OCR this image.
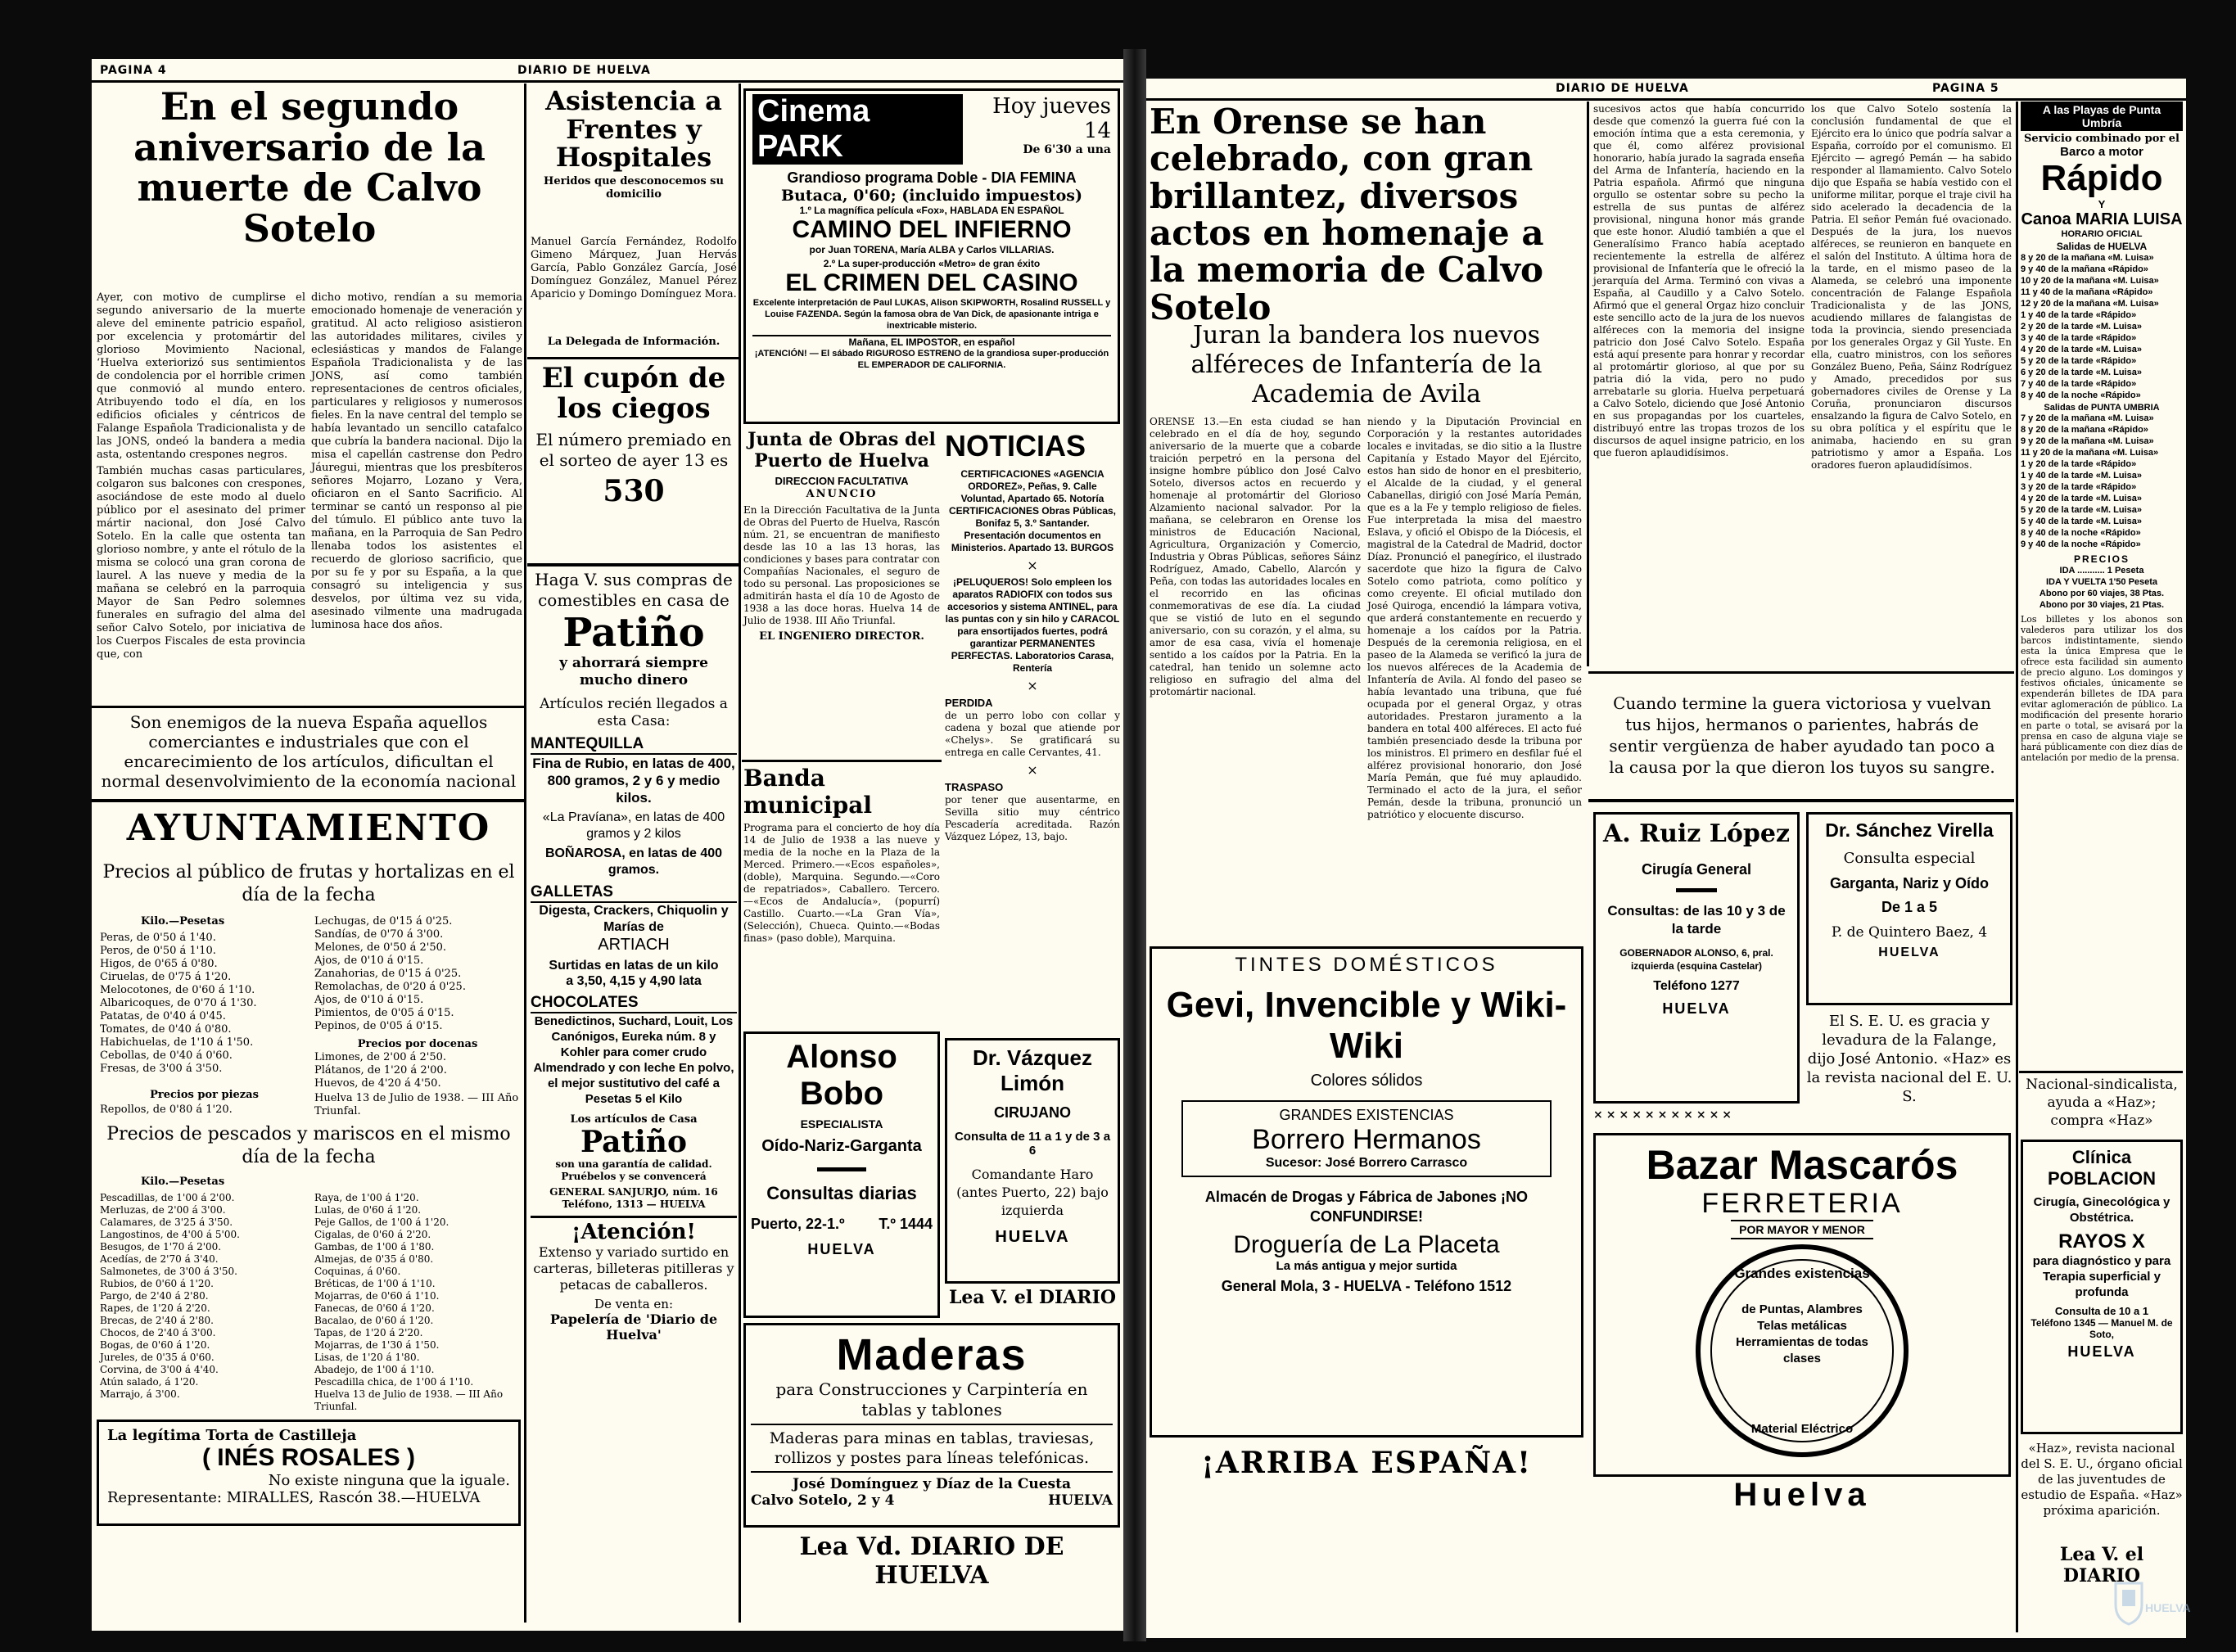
PAGINA 4	DIARIO DE HUELVA
En el segundo aniversario de la muerte de Calvo Sotelo

Ayer, con motivo de cumplirse el segundo aniversario de la muerte aleve del eminente patricio español, por excelencia y protomártir del glorioso Movimiento Nacional, ‘Huelva exteriorizó sus sentimientos de condolencia por el horrible crimen que conmovió al mundo entero. Atribuyendo todo el día, en los edificios oficiales y céntricos de Falange Española Tradicionalista y de las JONS, ondeó la bandera a media asta, ostentando crespones negros.

También muchas casas particulares, colgaron sus balcones con crespones, asociándose de este modo al duelo público por el asesinato del primer mártir nacional, don José Calvo Sotelo. En la calle que ostenta tan glorioso nombre, y ante el rótulo de la misma se colocó una gran corona de laurel. A las nueve y media de la mañana se celebró en la parroquia Mayor de San Pedro solemnes funerales en sufragio del alma del señor Calvo Sotelo, por iniciativa de los Cuerpos Fiscales de esta provincia que, con

dicho motivo, rendían a su memoria emocionado homenaje de veneración y gratitud. Al acto religioso asistieron las autoridades militares, civiles y eclesiásticas y mandos de Falange Española Tradicionalista y de las JONS, así como también representaciones de centros oficiales, particulares y religiosos y numerosos fieles. En la nave central del templo se había levantado un sencillo catafalco que cubría la bandera nacional. Dijo la misa el capellán castrense don Pedro Jáuregui, mientras que los presbíteros señores Mojarro, Lozano y Vera, oficiaron en el Santo Sacrificio. Al terminar se cantó un responso al pie del túmulo. El público ante tuvo la mañana, en la Parroquia de San Pedro llenaba todos los asistentes el recuerdo de glorioso sacrificio, que por su fe y por su España, a la que consagró su inteligencia y sus desvelos, por última vez su vida, asesinado vilmente una madrugada luminosa hace dos años.

Son enemigos de la nueva España aquellos comerciantes e industriales que con el encarecimiento de los artículos, dificultan el normal desenvolvimiento de la economía nacional
AYUNTAMIENTO
Precios al público de frutas y hortalizas en el día de la fecha
Kilo.—Pesetas
Peras, de 0'50 á 1'40.
Peros, de 0'50 á 1'10.
Higos, de 0'65 á 0'80.
Ciruelas, de 0'75 á 1'20.
Melocotones, de 0'60 á 1'10.
Albaricoques, de 0'70 á 1'30.
Patatas, de 0'40 á 0'45.
Tomates, de 0'40 á 0'80.
Habichuelas, de 1'10 á 1'50.
Cebollas, de 0'40 á 0'60.
Fresas, de 3'00 á 3'50.
Precios por piezas
Repollos, de 0'80 á 1'20.
Lechugas, de 0'15 á 0'25.
Sandías, de 0'70 á 3'00.
Melones, de 0'50 á 2'50.
Ajos, de 0'10 á 0'15.
Zanahorias, de 0'15 á 0'25.
Remolachas, de 0'20 á 0'25.
Ajos, de 0'10 á 0'15.
Pimientos, de 0'05 á 0'15.
Pepinos, de 0'05 á 0'15.
Precios por docenas
Limones, de 2'00 á 2'50.
Plátanos, de 1'20 á 2'00.
Huevos, de 4'20 á 4'50.
Huelva 13 de Julio de 1938. — III Año Triunfal.
Precios de pescados y mariscos en el mismo día de la fecha
Kilo.—Pesetas
Pescadillas, de 1'00 á 2'00.
Merluzas, de 2'00 á 3'00.
Calamares, de 3'25 á 3'50.
Langostinos, de 4'00 á 5'00.
Besugos, de 1'70 á 2'00.
Acedías, de 2'70 á 3'40.
Salmonetes, de 3'00 á 3'50.
Rubios, de 0'60 á 1'20.
Pargo, de 2'40 á 2'80.
Rapes, de 1'20 á 2'20.
Brecas, de 2'40 á 2'80.
Chocos, de 2'40 á 3'00.
Bogas, de 0'60 á 1'20.
Jureles, de 0'35 á 0'60.
Corvina, de 3'00 á 4'40.
Atún salado, á 1'20.
Marrajo, á 3'00.
Raya, de 1'00 á 1'20.
Lulas, de 0'60 á 1'20.
Peje Gallos, de 1'00 á 1'20.
Cigalas, de 0'60 á 2'20.
Gambas, de 1'00 á 1'80.
Almejas, de 0'35 á 0'80.
Coquinas, á 0'60.
Bréticas, de 1'00 á 1'10.
Mojarras, de 0'60 á 1'10.
Fanecas, de 0'60 á 1'20.
Bacalao, de 0'60 á 1'20.
Tapas, de 1'20 á 2'20.
Mojarras, de 1'30 á 1'50.
Lisas, de 1'20 á 1'80.
Abadejo, de 1'00 á 1'10.
Pescadilla chica, de 1'00 á 1'10.
Huelva 13 de Julio de 1938. — III Año Triunfal.
La legítima Torta de Castilleja
( INÉS ROSALES )
No existe ninguna que la iguale.
Representante: MIRALLES, Rascón 38.—HUELVA
Asistencia a Frentes y Hospitales
Heridos que desconocemos su domicilio
Manuel García Fernández, Rodolfo Gimeno Márquez, Juan Hervás García, Pablo González García, José Domínguez González, Manuel Pérez Aparicio y Domingo Domínguez Mora.
La Delegada de Información.
El cupón de los ciegos
El número premiado en el sorteo de ayer 13 es
530
Haga V. sus compras de comestibles en casa de
Patiño
y ahorrará siempre mucho dinero
Artículos recién llegados a esta Casa:
MANTEQUILLA
Fina de Rubio, en latas de 400, 800 gramos, 2 y 6 y medio kilos.
«La Pravíana», en latas de 400 gramos y 2 kilos
BOÑAROSA, en latas de 400 gramos.
GALLETAS
Digesta, Crackers, Chiquolin y Marías de
ARTIACH
Surtidas en latas de un kilo
a 3,50, 4,15 y 4,90 lata
CHOCOLATES
Benedictinos, Suchard, Louit, Los Canónigos, Eureka núm. 8 y Kohler para comer crudo Almendrado y con leche En polvo, el mejor sustitutivo del café a Pesetas 5 el Kilo
Los artículos de Casa
Patiño
son una garantía de calidad. Pruébelos y se convencerá
GENERAL SANJURJO, núm. 16 Teléfono, 1313 — HUELVA
¡Atención!
Extenso y variado surtido en carteras, billeteras pitilleras y petacas de caballeros.
De venta en:
Papelería de 'Diario de Huelva'
Cinema PARK
Hoy jueves 14
De 6'30 a una
Grandioso programa Doble - DIA FEMINA
Butaca, 0'60; (incluido impuestos)
1.º La magnífica película «Fox», HABLADA EN ESPAÑOL
CAMINO DEL INFIERNO
por Juan TORENA, María ALBA y Carlos VILLARIAS.
2.º La super-producción «Metro» de gran éxito
EL CRIMEN DEL CASINO
Excelente interpretación de Paul LUKAS, Alison SKIPWORTH, Rosalind RUSSELL y Louise FAZENDA. Según la famosa obra de Van Dick, de apasionante intriga e inextricable misterio.
Mañana, EL IMPOSTOR, en español
¡ATENCIÓN! — El sábado RIGUROSO ESTRENO de la grandiosa super-producción EL EMPERADOR DE CALIFORNIA.
Junta de Obras del Puerto de Huelva
DIRECCION FACULTATIVA
ANUNCIO
En la Dirección Facultativa de la Junta de Obras del Puerto de Huelva, Rascón núm. 21, se encuentran de manifiesto desde las 10 a las 13 horas, las condiciones y bases para contratar con Compañías Nacionales, el seguro de todo su personal. Las proposiciones se admitirán hasta el día 10 de Agosto de 1938 a las doce horas. Huelva 14 de Julio de 1938. III Año Triunfal.
EL INGENIERO DIRECTOR.
Banda municipal
Programa para el concierto de hoy día 14 de Julio de 1938 a las nueve y media de la noche en la Plaza de la Merced. Primero.—«Ecos españoles», (doble), Marquina. Segundo.—«Coro de repatriados», Caballero. Tercero.—«Ecos de Andalucía», (popurrí) Castillo. Cuarto.—«La Gran Vía», (Selección), Chueca. Quinto.—«Bodas finas» (paso doble), Marquina.
Alonso Bobo
ESPECIALISTA
Oído-Nariz-Garganta
Consultas diarias
Puerto, 22-1.º T.º 1444
HUELVA
NOTICIAS
CERTIFICACIONES «AGENCIA ORDOREZ», Peñas, 9. Calle Voluntad, Apartado 65. Notoría CERTIFICACIONES Obras Públicas, Bonifaz 5, 3.º Santander. Presentación documentos en Ministerios. Apartado 13. BURGOS
×
¡PELUQUEROS! Solo empleen los aparatos RADIOFIX con todos sus accesorios y sistema ANTINEL, para las puntas con y sin hilo y CARACOL para ensortijados fuertes, podrá garantizar PERMANENTES PERFECTAS. Laboratorios Carasa, Rentería
×
PERDIDA
de un perro lobo con collar y cadena y bozal que atiende por «Chelys». Se gratificará su entrega en calle Cervantes, 41.
×
TRASPASO
por tener que ausentarme, en Sevilla sitio muy céntrico Pescadería acreditada. Razón Vázquez López, 13, bajo.
Dr. Vázquez Limón
CIRUJANO
Consulta de 11 a 1 y de 3 a 6
Comandante Haro (antes Puerto, 22) bajo izquierda
HUELVA
Lea V. el DIARIO
Maderas
para Construcciones y Carpintería en tablas y tablones
Maderas para minas en tablas, traviesas, rollizos y postes para líneas telefónicas.
José Domínguez y Díaz de la Cuesta
Calvo Sotelo, 2 y 4	HUELVA
Lea Vd. DIARIO DE HUELVA
DIARIO DE HUELVA	PAGINA 5
En Orense se han celebrado, con gran brillantez, diversos actos en homenaje a la memoria de Calvo Sotelo
Juran la bandera los nuevos alféreces de Infantería de la Academia de Avila
ORENSE 13.—En esta ciudad se han celebrado en el día de hoy, segundo aniversario de la muerte que a cobarde traición perpetró en la persona del insigne hombre público don José Calvo Sotelo, diversos actos en recuerdo y homenaje al protomártir del Glorioso Alzamiento nacional salvador. Por la mañana, se celebraron en Orense los ministros de Educación Nacional, Agricultura, Organización y Comercio, Industria y Obras Públicas, señores Sáinz Rodríguez, Amado, Cabello, Alarcón y Peña, con todas las autoridades locales en el recorrido en las oficinas conmemorativas de ese día. La ciudad que se vistió de luto en el segundo aniversario, con su corazón, y el alma, su amor de esa casa, vivía el homenaje sentido a los caídos por la Patria. En la catedral, han tenido un solemne acto religioso en sufragio del alma del protomártir nacional.
niendo y la Diputación Provincial en Corporación y la restantes autoridades locales e invitadas, se dio sitio a la Ilustre Capitanía y Estado Mayor del Ejército, estos han sido de honor en el presbiterio, el Alcalde de la ciudad, y el general Cabanellas, dirigió con José María Pemán, que es a la Fe y templo religioso de fieles. Fue interpretada la misa del maestro Eslava, y ofició el Obispo de la Diócesis, el magistral de la Catedral de Madrid, doctor Díaz. Pronunció el panegírico, el ilustrado sacerdote que hizo la figura de Calvo Sotelo como patriota, como político y como creyente. El oficial mutilado don José Quiroga, encendió la lámpara votiva, que arderá constantemente en recuerdo y homenaje a los caídos por la Patria. Después de la ceremonia religiosa, en el paseo de la Alameda se verificó la jura de los nuevos alféreces de la Academia de Infantería de Avila. Al fondo del paseo se había levantado una tribuna, que fué ocupada por el general Orgaz, y otras autoridades. Prestaron juramento a la bandera en total 400 alféreces. El acto fué también presenciado desde la tribuna por los ministros. El primero en desfilar fué el alférez provisional honorario, don José María Pemán, que fué muy aplaudido. Terminado el acto de la jura, el señor Pemán, desde la tribuna, pronunció un patriótico y elocuente discurso.
sucesivos actos que había concurrido desde que comenzó la guerra fué con la emoción íntima que a esta ceremonia, y que él, como alférez provisional honorario, había jurado la sagrada enseña del Arma de Infantería, haciendo en la Patria española. Afirmó que ninguna orgullo se ostentar sobre su pecho la estrella de sus puntas de alférez provisional, ninguna honor más grande que este honor. Aludió también a que el Generalísimo Franco había aceptado recientemente la estrella de alférez provisional de Infantería que le ofreció la jerarquía del Arma. Terminó con vivas a España, al Caudillo y a Calvo Sotelo. Afirmó que el general Orgaz hizo concluir este sencillo acto de la jura de los nuevos alféreces con la memoria del insigne patricio don José Calvo Sotelo. España está aquí presente para honrar y recordar al protomártir glorioso, al que por su patria dió la vida, pero no pudo arrebatarle su gloria. Huelva perpetuará a Calvo Sotelo, diciendo que José Antonio en sus propagandas por los cuarteles, distribuyó entre las tropas trozos de los discursos de aquel insigne patricio, en los que fueron aplaudidísimos.
los que Calvo Sotelo sostenía la conclusión fundamental de que el Ejército era lo único que podría salvar a España, corroído por el comunismo. El Ejército — agregó Pemán — ha sabido responder al llamamiento. Calvo Sotelo dijo que España se había vestido con el uniforme militar, porque el traje civil ha sido acelerado la decadencia de la Patria. El señor Pemán fué ovacionado. Después de la jura, los nuevos alféreces, se reunieron en banquete en el salón del Instituto. A última hora de la tarde, en el mismo paseo de la Alameda, se celebró una imponente concentración de Falange Española Tradicionalista y de las JONS, acudiendo millares de falangistas de toda la provincia, siendo presenciada por los generales Orgaz y Gil Yuste. En ella, cuatro ministros, con los señores González Bueno, Peña, Sáinz Rodríguez y Amado, precedidos por sus gobernadores civiles de Orense y La Coruña, pronunciaron discursos ensalzando la figura de Calvo Sotelo, en su obra política y el espíritu que le animaba, haciendo en su gran patriotismo y amor a España. Los oradores fueron aplaudidísimos.
Cuando termine la guera victoriosa y vuelvan tus hijos, hermanos o parientes, habrás de sentir vergüenza de haber ayudado tan poco a la causa por la que dieron los tuyos su sangre.
A. Ruiz López
Cirugía General
Consultas: de las 10 y 3 de la tarde
GOBERNADOR ALONSO, 6, pral. izquierda (esquina Castelar)
Teléfono 1277
HUELVA
Dr. Sánchez Virella
Consulta especial
Garganta, Nariz y Oído
De 1 a 5
P. de Quintero Baez, 4
HUELVA
El S. E. U. es gracia y levadura de la Falange, dijo José Antonio. «Haz» es la revista nacional del E. U. S.
×××××××××××
TINTES DOMÉSTICOS
Gevi, Invencible y Wiki-Wiki
Colores sólidos
GRANDES EXISTENCIAS
Borrero Hermanos
Sucesor: José Borrero Carrasco
Almacén de Drogas y Fábrica de Jabones ¡NO CONFUNDIRSE!
Droguería de La Placeta
La más antigua y mejor surtida
General Mola, 3 - HUELVA - Teléfono 1512
¡ARRIBA ESPAÑA!
Bazar Mascarós
FERRETERIA
POR MAYOR Y MENOR
Grandes existencias
de Puntas, Alambres Telas metálicas Herramientas de todas clases
Material Eléctrico
Huelva
A las Playas de Punta Umbría
Servicio combinado por el
Barco a motor
Rápido
Y
Canoa MARIA LUISA
HORARIO OFICIAL
Salidas de HUELVA
8 y 20 de la mañana «M. Luisa»
9 y 40 de la mañana «Rápido»
10 y 20 de la mañana «M. Luisa»
11 y 40 de la mañana «Rápido»
12 y 20 de la mañana «M. Luisa»
1 y 40 de la tarde «Rápido»
2 y 20 de la tarde «M. Luisa»
3 y 40 de la tarde «Rápido»
4 y 20 de la tarde «M. Luisa»
5 y 20 de la tarde «Rápido»
6 y 20 de la tarde «M. Luisa»
7 y 40 de la tarde «Rápido»
8 y 40 de la noche «Rápido»
Salidas de PUNTA UMBRIA
7 y 20 de la mañana «M. Luisa»
8 y 20 de la mañana «Rápido»
9 y 20 de la mañana «M. Luisa»
11 y 20 de la mañana «M. Luisa»
1 y 20 de la tarde «Rápido»
1 y 40 de la tarde «M. Luisa»
3 y 20 de la tarde «Rápido»
4 y 20 de la tarde «M. Luisa»
5 y 20 de la tarde «M. Luisa»
5 y 40 de la tarde «M. Luisa»
8 y 40 de la noche «Rápido»
9 y 40 de la noche «Rápido»
PRECIOS
IDA ........... 1 Peseta
IDA Y VUELTA 1'50 Peseta
Abono por 60 viajes, 38 Ptas.
Abono por 30 viajes, 21 Ptas.
Los billetes y los abonos son valederos para utilizar los dos barcos indistintamente, siendo esta la única Empresa que le ofrece esta facilidad sin aumento de precio alguno. Los domingos y festivos oficiales, únicamente se expenderán billetes de IDA para evitar aglomeración de público. La modificación del presente horario en parte o total, se avisará por la prensa en caso de alguna viaje se hará públicamente con diez días de antelación por medio de la prensa.
Nacional-sindicalista, ayuda a «Haz»; compra «Haz»
Clínica POBLACION
Cirugía, Ginecológica y Obstétrica.
RAYOS X
para diagnóstico y para Terapia superficial y profunda
Consulta de 10 a 1
Teléfono 1345 — Manuel M. de Soto,
HUELVA
«Haz», revista nacional del S. E. U., órgano oficial de las juventudes de estudio de España. «Haz» próxima aparición.
Lea V. el DIARIO
HUELVA
